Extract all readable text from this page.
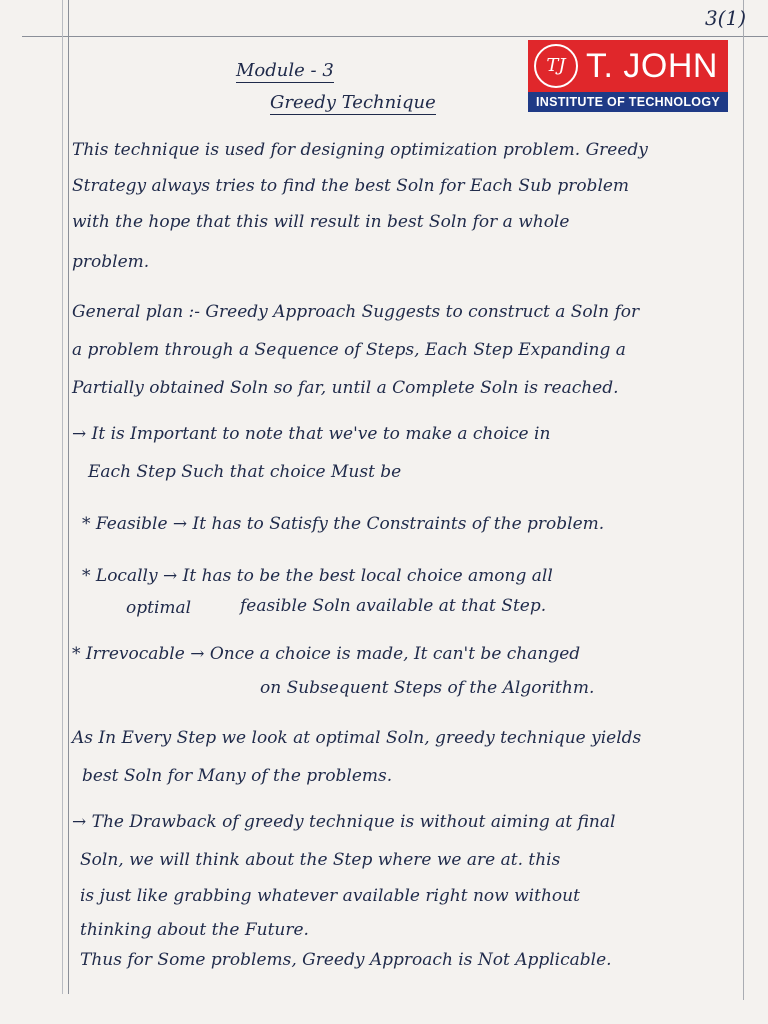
3(1)
TJ T. JOHN
INSTITUTE OF TECHNOLOGY
Module - 3
Greedy Technique
This technique is used for designing optimization problem. Greedy
Strategy always tries to find the best Soln for Each Sub problem
with the hope that this will result in best Soln for a whole
problem.
General plan :- Greedy Approach Suggests to construct a Soln for
a problem through a Sequence of Steps, Each Step Expanding a
Partially obtained Soln so far, until a Complete Soln is reached.
→ It is Important to note that we've to make a choice in
Each Step Such that choice Must be
* Feasible → It has to Satisfy the Constraints of the problem.
* Locally → It has to be the best local choice among all
optimal	feasible Soln available at that Step.
* Irrevocable → Once a choice is made, It can't be changed
on Subsequent Steps of the Algorithm.
As In Every Step we look at optimal Soln, greedy technique yields
best Soln for Many of the problems.
→ The Drawback of greedy technique is without aiming at final
Soln, we will think about the Step where we are at. this
is just like grabbing whatever available right now without
thinking about the Future.
Thus for Some problems, Greedy Approach is Not Applicable.
